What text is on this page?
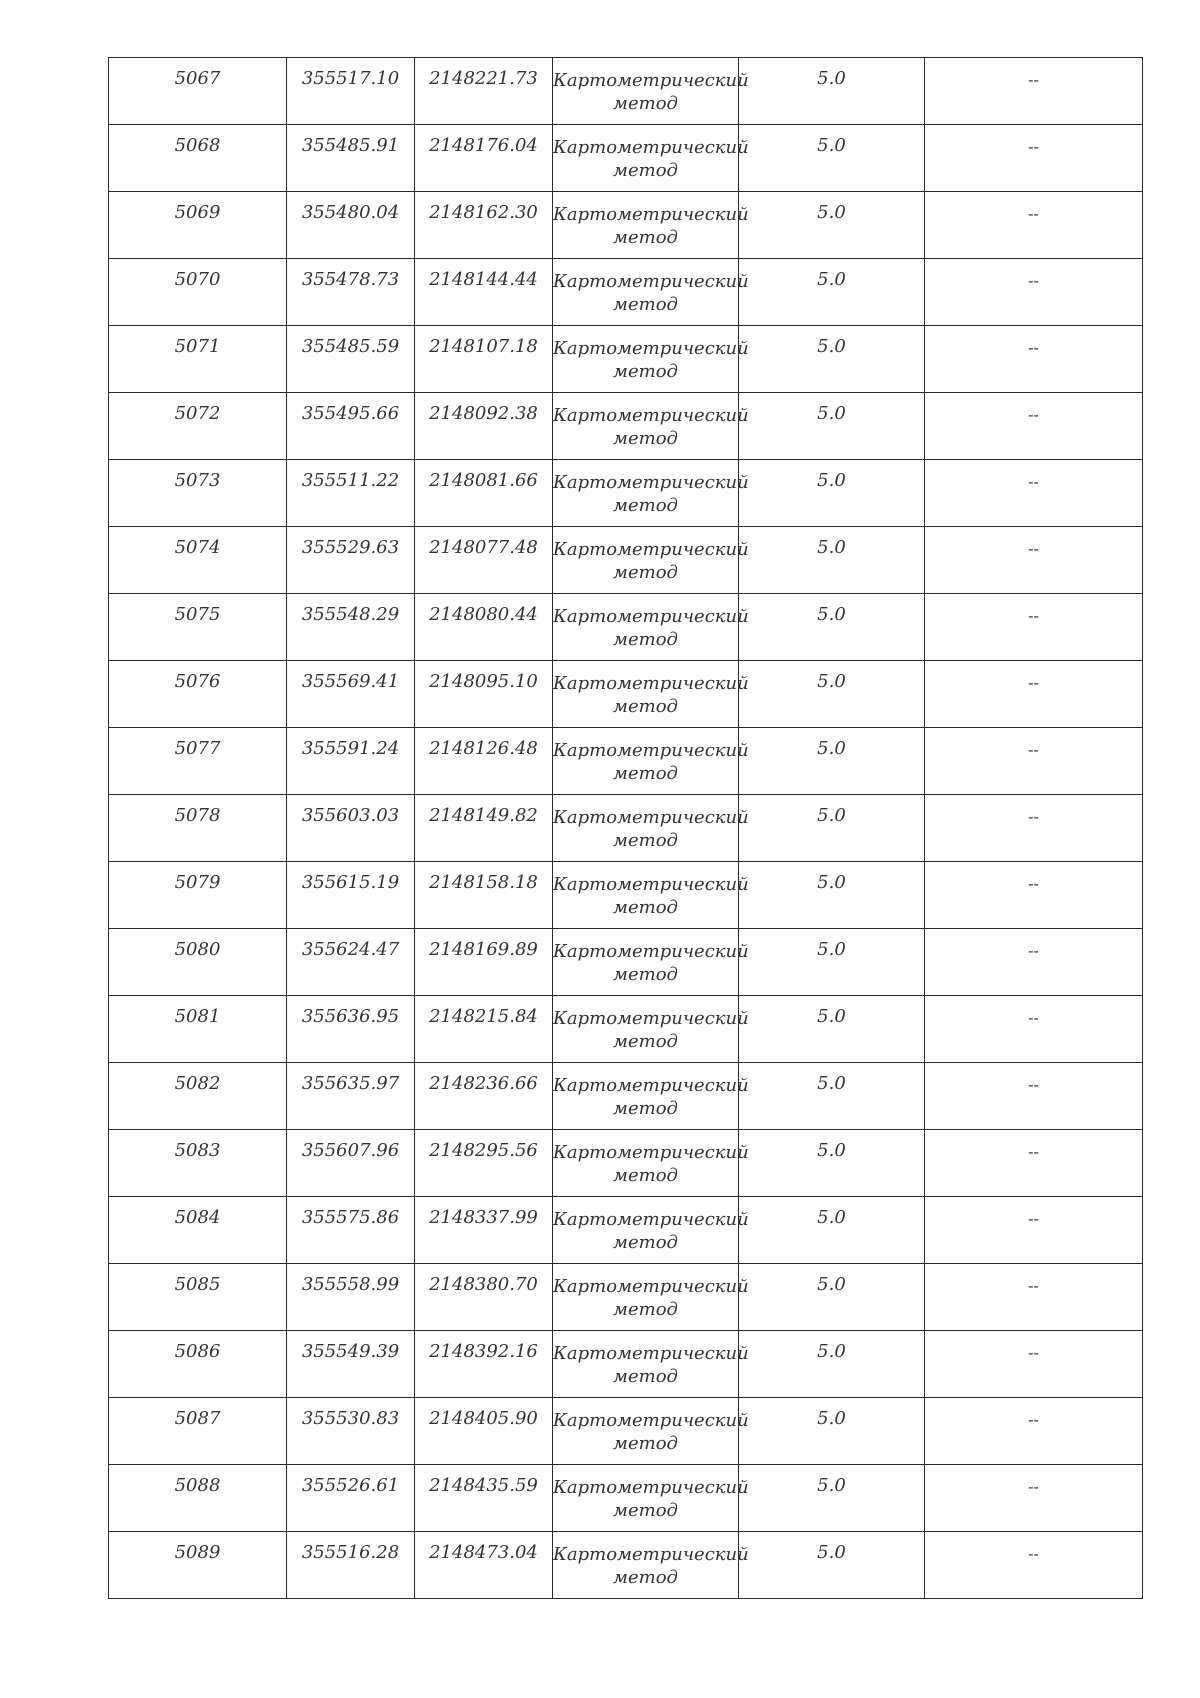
5067	355517.10	2148221.73	Картометрический
метод	5.0	--

5068	355485.91	2148176.04	Картометрический
метод	5.0	--

5069	355480.04	2148162.30	Картометрический
метод	5.0	--

5070	355478.73	2148144.44	Картометрический
метод	5.0	--

5071	355485.59	2148107.18	Картометрический
метод	5.0	--

5072	355495.66	2148092.38	Картометрический
метод	5.0	--

5073	355511.22	2148081.66	Картометрический
метод	5.0	--

5074	355529.63	2148077.48	Картометрический
метод	5.0	--

5075	355548.29	2148080.44	Картометрический
метод	5.0	--

5076	355569.41	2148095.10	Картометрический
метод	5.0	--

5077	355591.24	2148126.48	Картометрический
метод	5.0	--

5078	355603.03	2148149.82	Картометрический
метод	5.0	--

5079	355615.19	2148158.18	Картометрический
метод	5.0	--

5080	355624.47	2148169.89	Картометрический
метод	5.0	--

5081	355636.95	2148215.84	Картометрический
метод	5.0	--

5082	355635.97	2148236.66	Картометрический
метод	5.0	--

5083	355607.96	2148295.56	Картометрический
метод	5.0	--

5084	355575.86	2148337.99	Картометрический
метод	5.0	--

5085	355558.99	2148380.70	Картометрический
метод	5.0	--

5086	355549.39	2148392.16	Картометрический
метод	5.0	--

5087	355530.83	2148405.90	Картометрический
метод	5.0	--

5088	355526.61	2148435.59	Картометрический
метод	5.0	--

5089	355516.28	2148473.04	Картометрический
метод	5.0	--
